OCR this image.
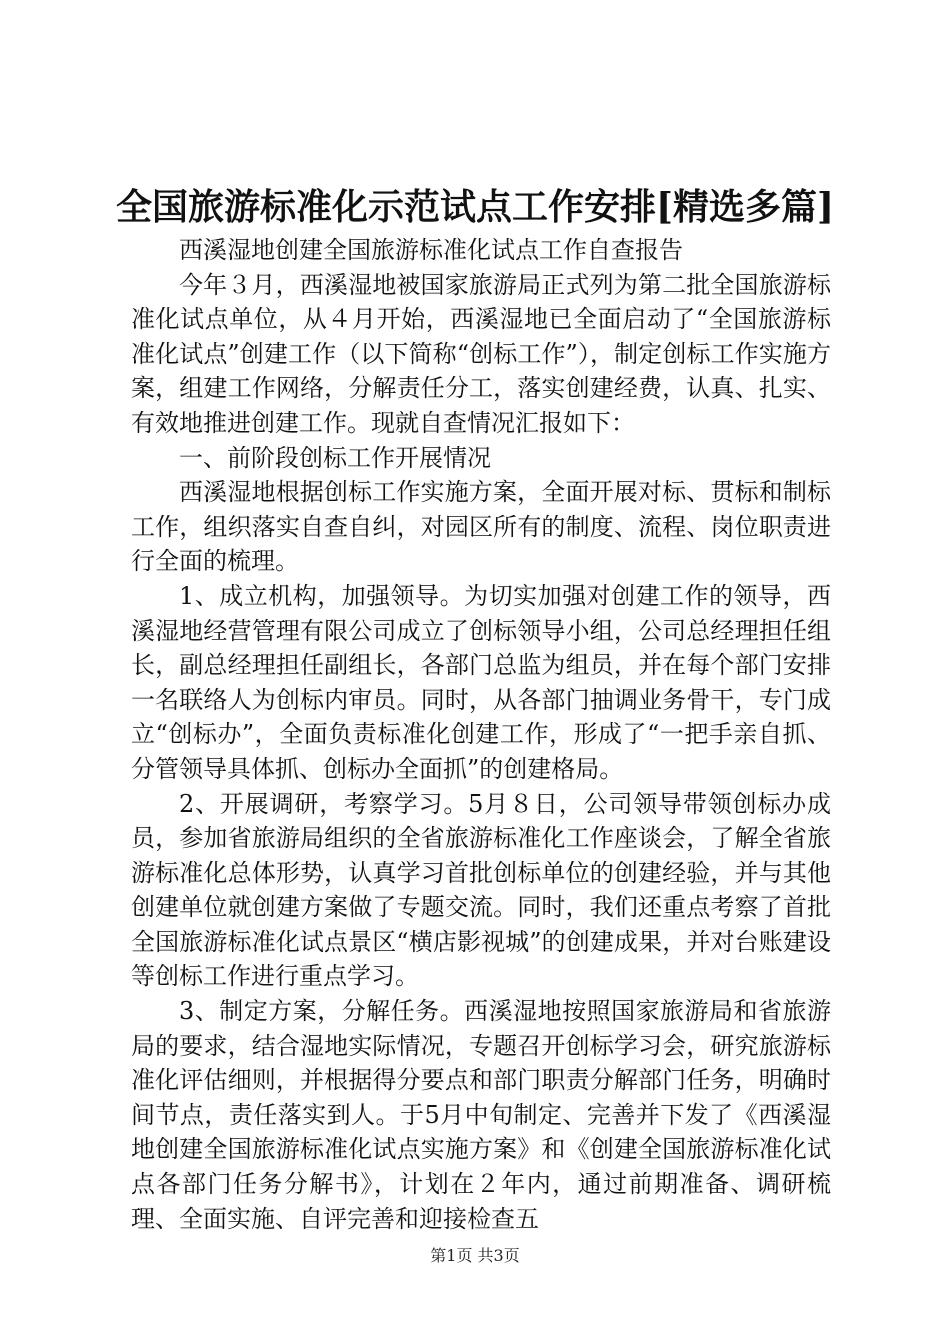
全国旅游标准化示范试点工作安排[精选多篇]

西溪湿地创建全国旅游标准化试点工作自查报告

今年３月，西溪湿地被国家旅游局正式列为第二批全国旅游标准化试点单位，从４月开始，西溪湿地已全面启动了“全国旅游标准化试点”创建工作（以下简称“创标工作”），制定创标工作实施方案，组建工作网络，分解责任分工，落实创建经费，认真、扎实、有效地推进创建工作。现就自查情况汇报如下：

一、前阶段创标工作开展情况

西溪湿地根据创标工作实施方案，全面开展对标、贯标和制标工作，组织落实自查自纠，对园区所有的制度、流程、岗位职责进行全面的梳理。

1、成立机构，加强领导。为切实加强对创建工作的领导，西溪湿地经营管理有限公司成立了创标领导小组，公司总经理担任组长，副总经理担任副组长，各部门总监为组员，并在每个部门安排一名联络人为创标内审员。同时，从各部门抽调业务骨干，专门成立“创标办”，全面负责标准化创建工作，形成了“一把手亲自抓、分管领导具体抓、创标办全面抓”的创建格局。

2、开展调研，考察学习。5月８日，公司领导带领创标办成员，参加省旅游局组织的全省旅游标准化工作座谈会，了解全省旅游标准化总体形势，认真学习首批创标单位的创建经验，并与其他创建单位就创建方案做了专题交流。同时，我们还重点考察了首批全国旅游标准化试点景区“横店影视城”的创建成果，并对台账建设等创标工作进行重点学习。

3、制定方案，分解任务。西溪湿地按照国家旅游局和省旅游局的要求，结合湿地实际情况，专题召开创标学习会，研究旅游标准化评估细则，并根据得分要点和部门职责分解部门任务，明确时间节点，责任落实到人。于5月中旬制定、完善并下发了《西溪湿地创建全国旅游标准化试点实施方案》和《创建全国旅游标准化试点各部门任务分解书》，计划在２年内，通过前期准备、调研梳理、全面实施、自评完善和迎接检查五

第1页 共3页
